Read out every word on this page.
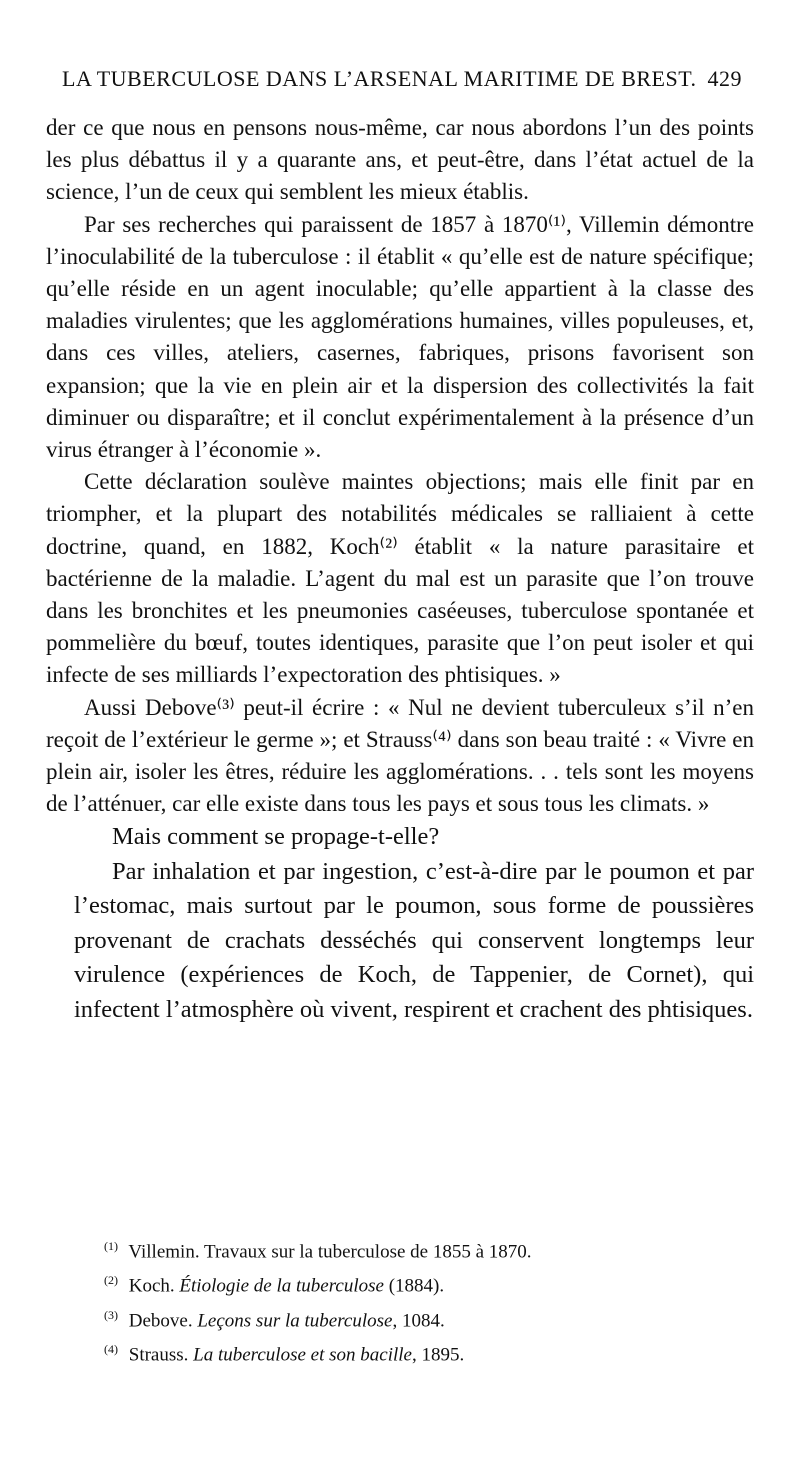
LA TUBERCULOSE DANS L’ARSENAL MARITIME DE BREST. 429

der ce que nous en pensons nous-même, car nous abordons l’un des points les plus débattus il y a quarante ans, et peut-être, dans l’état actuel de la science, l’un de ceux qui semblent les mieux établis.

Par ses recherches qui paraissent de 1857 à 1870⁽¹⁾, Villemin démontre l’inoculabilité de la tuberculose : il établit « qu’elle est de nature spécifique; qu’elle réside en un agent inoculable; qu’elle appartient à la classe des maladies virulentes; que les agglomérations humaines, villes populeuses, et, dans ces villes, ateliers, casernes, fabriques, prisons favorisent son expansion; que la vie en plein air et la dispersion des collectivités la fait diminuer ou disparaître; et il conclut expérimentalement à la présence d’un virus étranger à l’économie ».

Cette déclaration soulève maintes objections; mais elle finit par en triompher, et la plupart des notabilités médicales se ralliaient à cette doctrine, quand, en 1882, Koch⁽²⁾ établit « la nature parasitaire et bactérienne de la maladie. L’agent du mal est un parasite que l’on trouve dans les bronchites et les pneumonies caséeuses, tuberculose spontanée et pommelière du bœuf, toutes identiques, parasite que l’on peut isoler et qui infecte de ses milliards l’expectoration des phtisiques. »

Aussi Debove⁽³⁾ peut-il écrire : « Nul ne devient tuberculeux s’il n’en reçoit de l’extérieur le germe »; et Strauss⁽⁴⁾ dans son beau traité : « Vivre en plein air, isoler les êtres, réduire les agglomérations. . . tels sont les moyens de l’atténuer, car elle existe dans tous les pays et sous tous les climats. »

Mais comment se propage-t-elle?

Par inhalation et par ingestion, c’est-à-dire par le poumon et par l’estomac, mais surtout par le poumon, sous forme de poussières provenant de crachats desséchés qui conservent longtemps leur virulence (expériences de Koch, de Tappenier, de Cornet), qui infectent l’atmosphère où vivent, respirent et crachent des phtisiques.

$^{(1)}$ Villemin. Travaux sur la tuberculose de 1855 à 1870.
$^{(2)}$ Koch. Étiologie de la tuberculose (1884).
$^{(3)}$ Debove. Leçons sur la tuberculose, 1084.
$^{(4)}$ Strauss. La tuberculose et son bacille, 1895.
